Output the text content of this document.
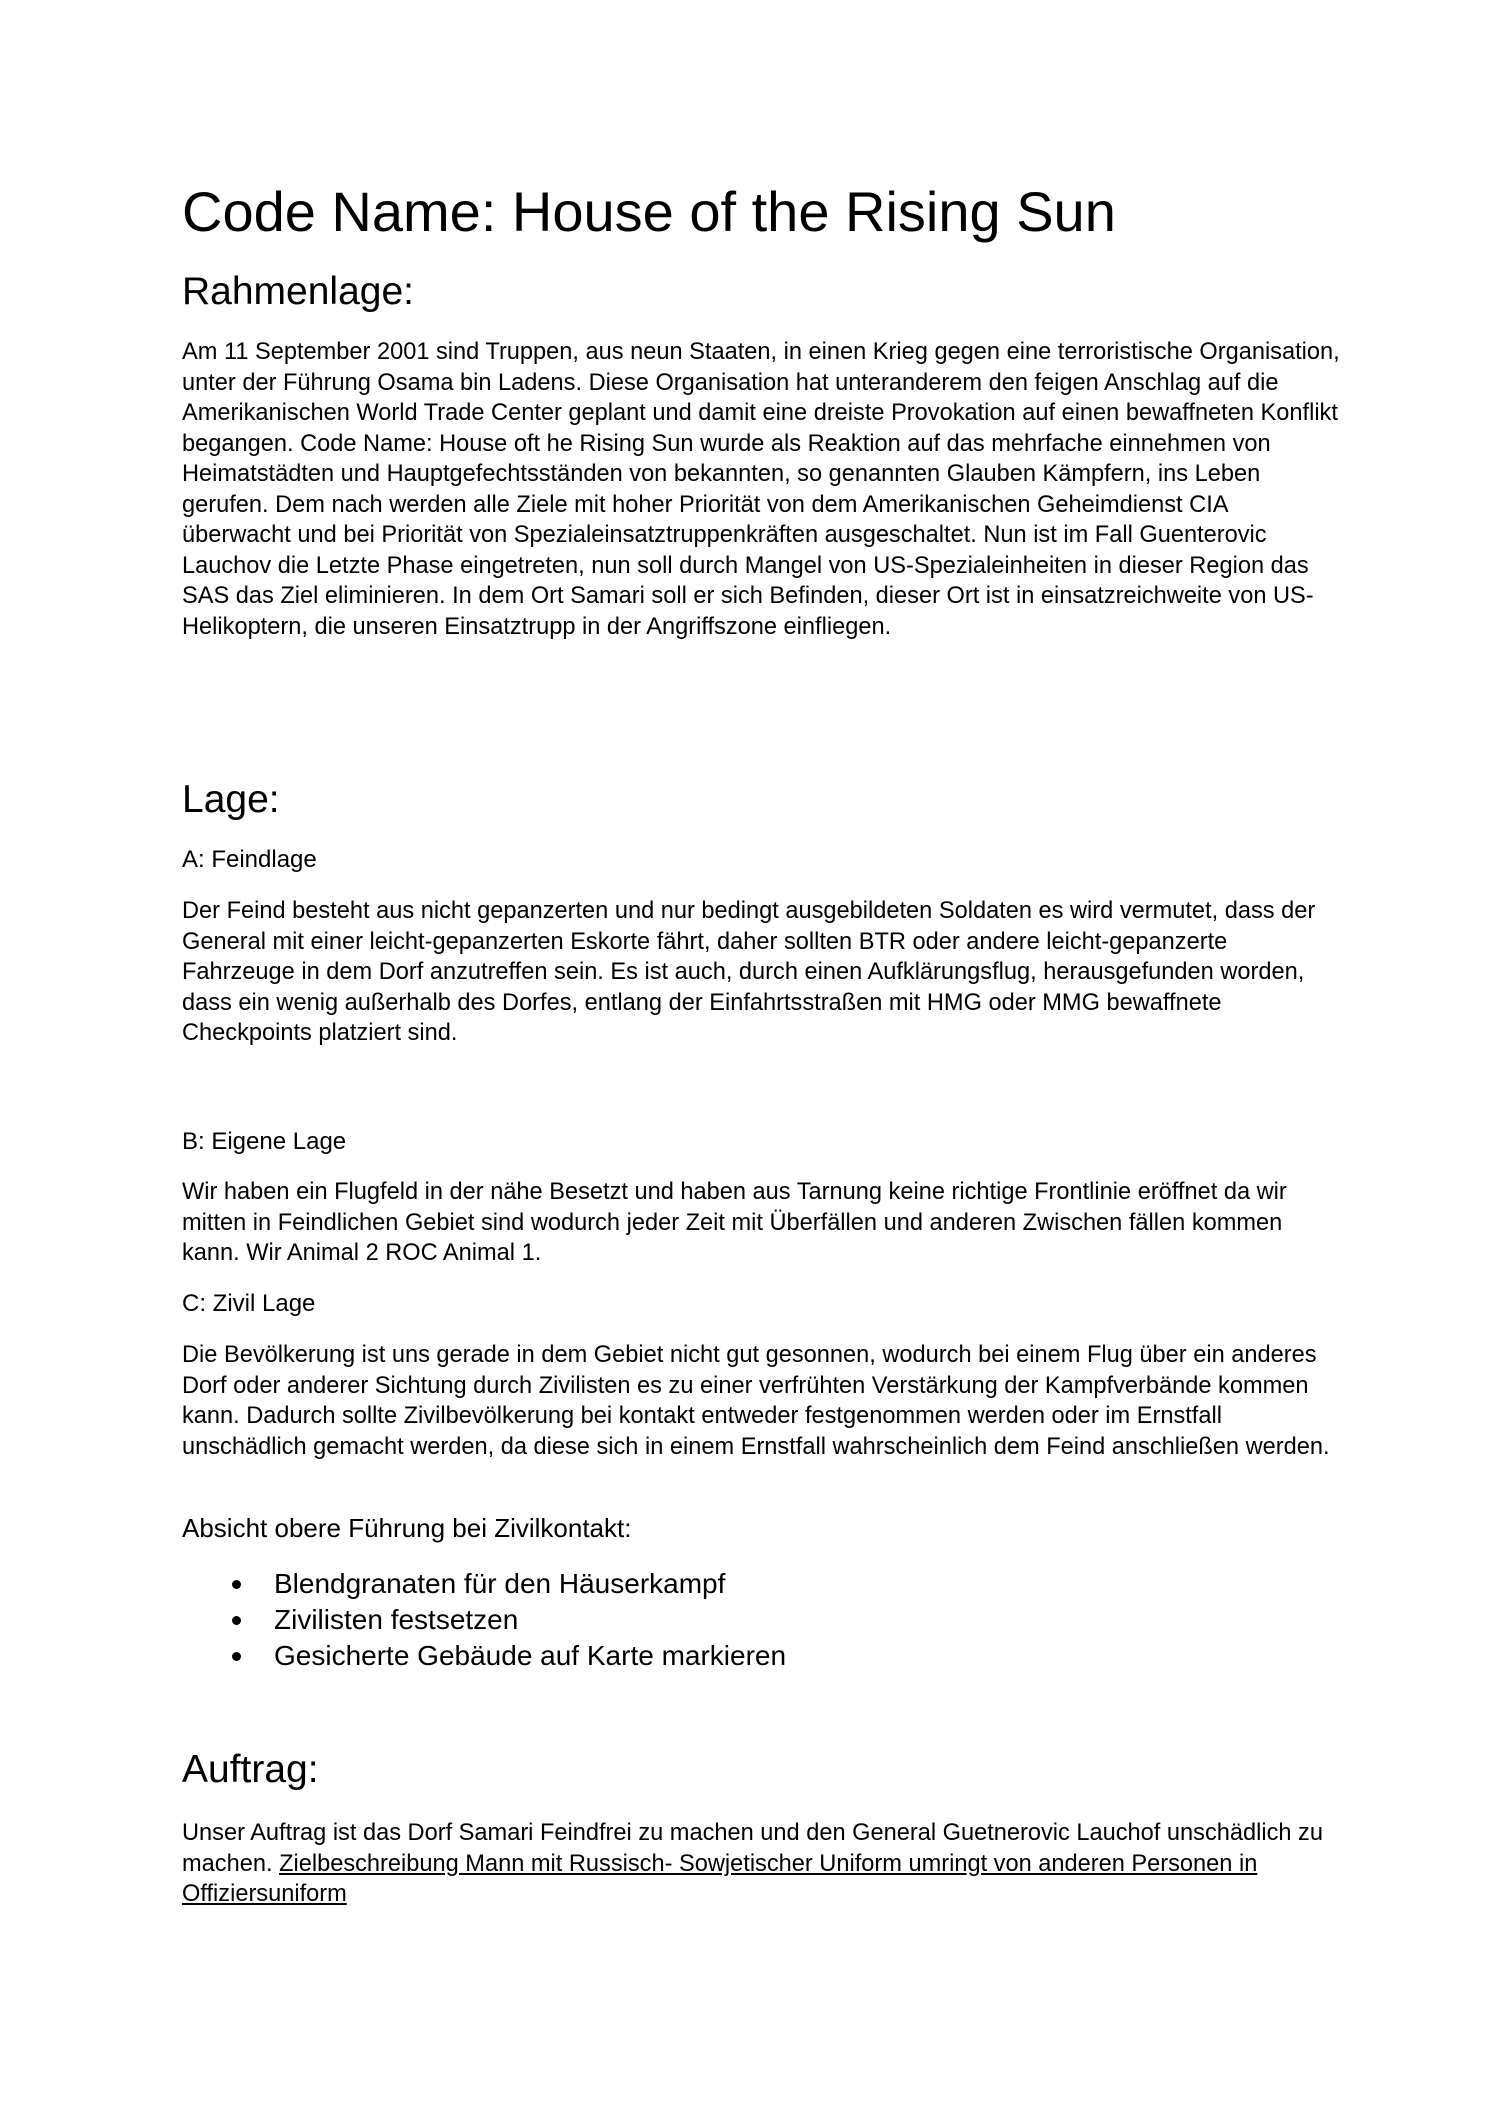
Code Name: House of the Rising Sun
Rahmenlage:

Am 11 September 2001 sind Truppen, aus neun Staaten, in einen Krieg gegen eine terroristische Organisation, unter der Führung Osama bin Ladens. Diese Organisation hat unteranderem den feigen Anschlag auf die Amerikanischen World Trade Center geplant und damit eine dreiste Provokation auf einen bewaffneten Konflikt begangen. Code Name: House oft he Rising Sun wurde als Reaktion auf das mehrfache einnehmen von Heimatstädten und Hauptgefechtsständen von bekannten, so genannten Glauben Kämpfern, ins Leben gerufen. Dem nach werden alle Ziele mit hoher Priorität von dem Amerikanischen Geheimdienst CIA überwacht und bei Priorität von Spezialeinsatztruppenkräften ausgeschaltet. Nun ist im Fall Guenterovic Lauchov die Letzte Phase eingetreten, nun soll durch Mangel von US-Spezialeinheiten in dieser Region das SAS das Ziel eliminieren. In dem Ort Samari soll er sich Befinden, dieser Ort ist in einsatzreichweite von US-Helikoptern, die unseren Einsatztrupp in der Angriffszone einfliegen.

Lage:
A: Feindlage

Der Feind besteht aus nicht gepanzerten und nur bedingt ausgebildeten Soldaten es wird vermutet, dass der General mit einer leicht-gepanzerten Eskorte fährt, daher sollten BTR oder andere leicht-gepanzerte Fahrzeuge in dem Dorf anzutreffen sein. Es ist auch, durch einen Aufklärungsflug, herausgefunden worden, dass ein wenig außerhalb des Dorfes, entlang der Einfahrtsstraßen mit HMG oder MMG bewaffnete Checkpoints platziert sind.

B: Eigene Lage

Wir haben ein Flugfeld in der nähe Besetzt und haben aus Tarnung keine richtige Frontlinie eröffnet da wir mitten in Feindlichen Gebiet sind wodurch jeder Zeit mit Überfällen und anderen Zwischen fällen kommen kann. Wir Animal 2 ROC Animal 1.

C: Zivil Lage

Die Bevölkerung ist uns gerade in dem Gebiet nicht gut gesonnen, wodurch bei einem Flug über ein anderes Dorf oder anderer Sichtung durch Zivilisten es zu einer verfrühten Verstärkung der Kampfverbände kommen kann. Dadurch sollte Zivilbevölkerung bei kontakt entweder festgenommen werden oder im Ernstfall unschädlich gemacht werden, da diese sich in einem Ernstfall wahrscheinlich dem Feind anschließen werden.

Absicht obere Führung bei Zivilkontakt:
Blendgranaten für den Häuserkampf
Zivilisten festsetzen
Gesicherte Gebäude auf Karte markieren
Auftrag:

Unser Auftrag ist das Dorf Samari Feindfrei zu machen und den General Guetnerovic Lauchof unschädlich zu machen. Zielbeschreibung Mann mit Russisch- Sowjetischer Uniform umringt von anderen Personen in Offiziersuniform
